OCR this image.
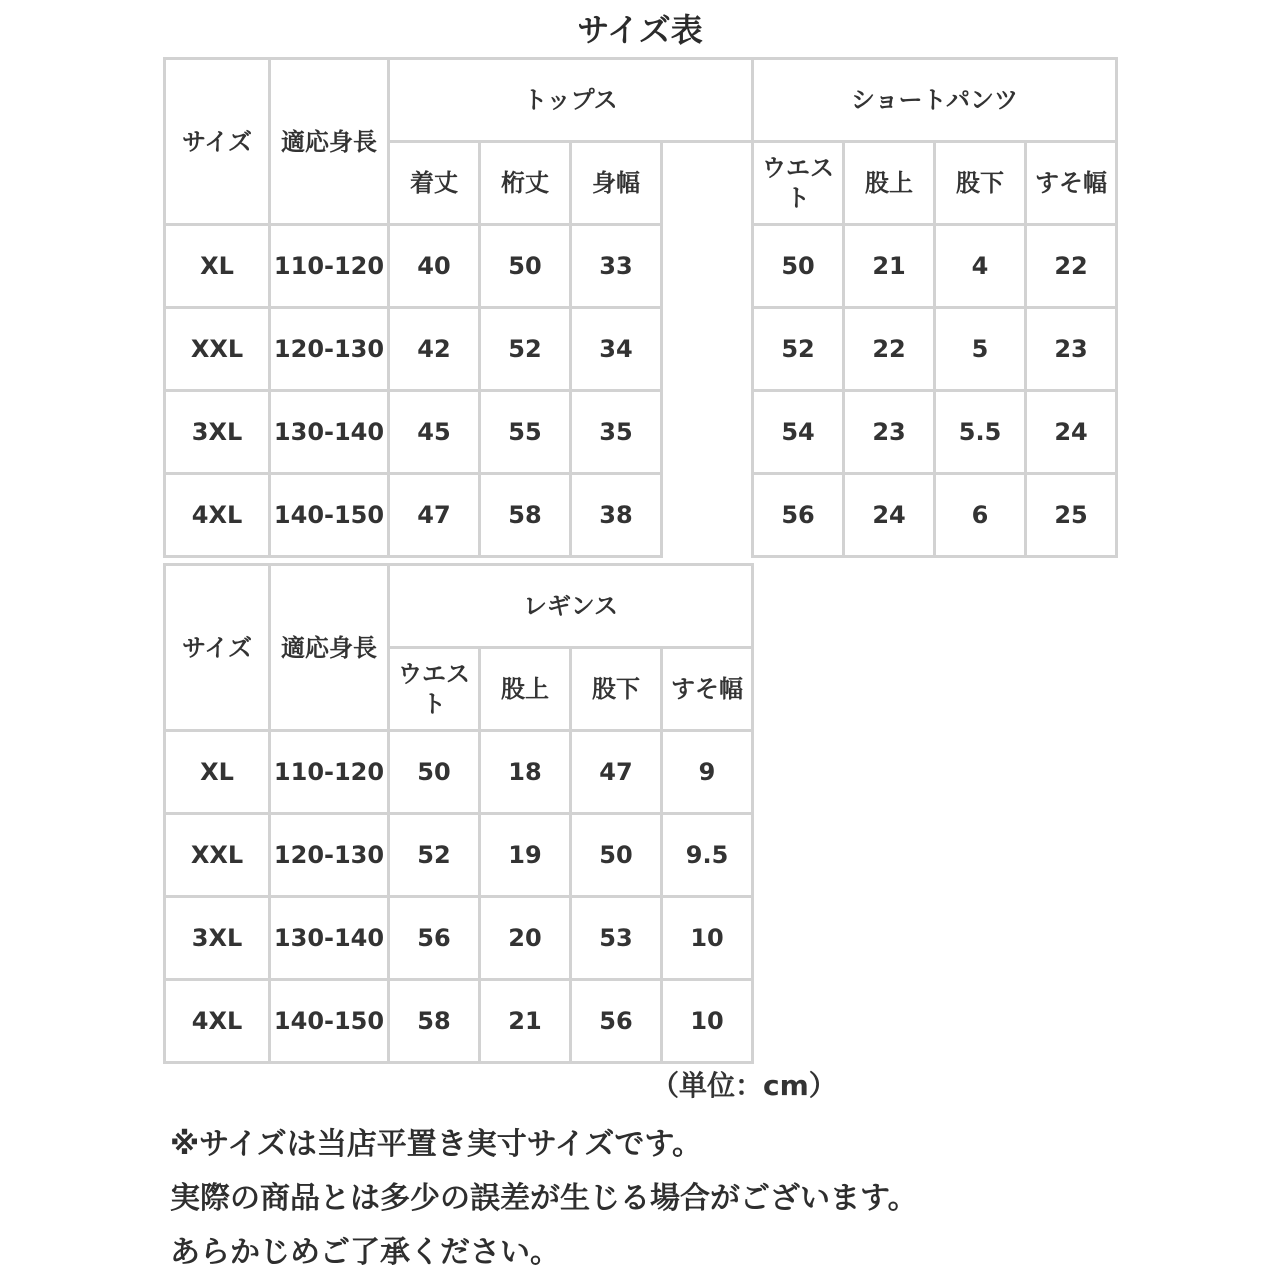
サイズ表
サイズ	適応身長	トップス				ショートパンツ			
		着丈	桁丈	身幅		ウエスト	股上	股下	すそ幅
XL	110-120	40	50	33		50	21	4	22
XXL	120-130	42	52	34		52	22	5	23
3XL	130-140	45	55	35		54	23	5.5	24
4XL	140-150	47	58	38		56	24	6	25
サイズ	適応身長	レギンス			
		ウエスト	股上	股下	すそ幅
XL	110-120	50	18	47	9
XXL	120-130	52	19	50	9.5
3XL	130-140	56	20	53	10
4XL	140-150	58	21	56	10
（単位：cm）

※サイズは当店平置き実寸サイズです。

実際の商品とは多少の誤差が生じる場合がございます。

あらかじめご了承ください。
